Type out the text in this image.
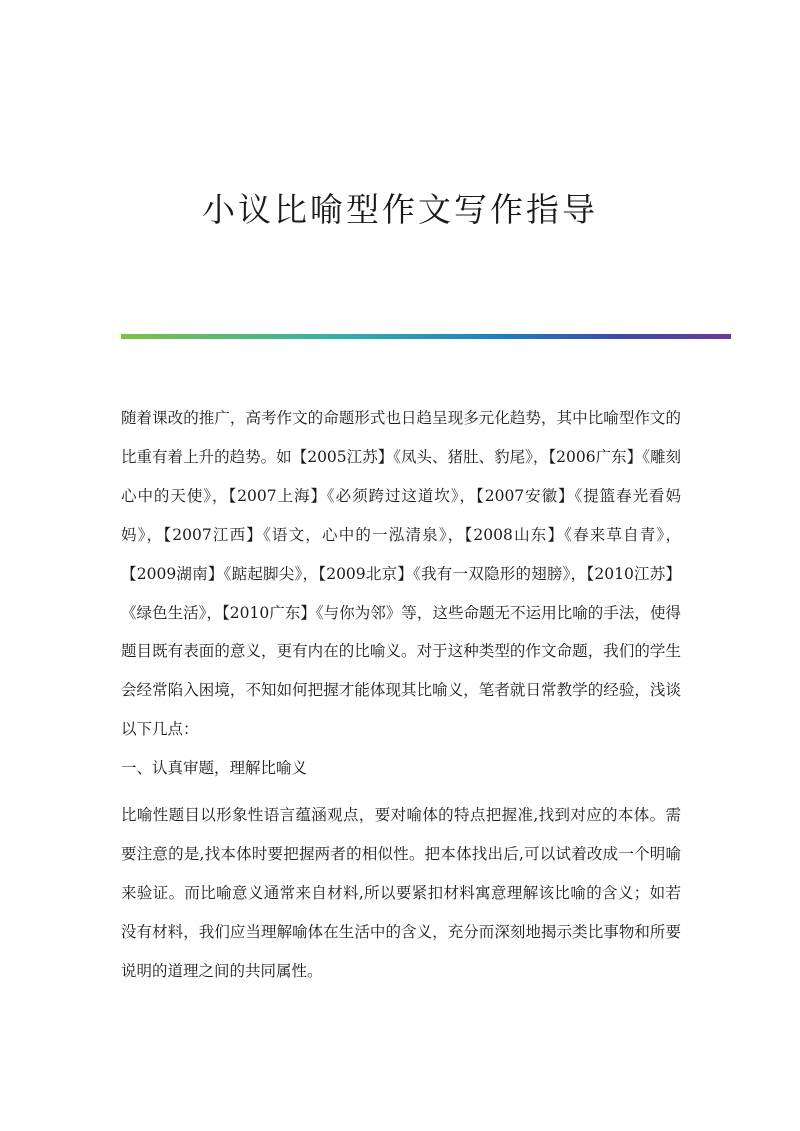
小议比喻型作文写作指导

随着课改的推广，高考作文的命题形式也日趋呈现多元化趋势，其中比喻型作文的比重有着上升的趋势。如【2005江苏】《凤头、猪肚、豹尾》，【2006广东】《雕刻心中的天使》，【2007上海】《必须跨过这道坎》，【2007安徽】《提篮春光看妈妈》，【2007江西】《语文，心中的一泓清泉》，【2008山东】《春来草自青》，【2009湖南】《踮起脚尖》，【2009北京】《我有一双隐形的翅膀》，【2010江苏】《绿色生活》，【2010广东】《与你为邻》等，这些命题无不运用比喻的手法，使得题目既有表面的意义，更有内在的比喻义。对于这种类型的作文命题，我们的学生会经常陷入困境，不知如何把握才能体现其比喻义，笔者就日常教学的经验，浅谈以下几点：

一、认真审题，理解比喻义

比喻性题目以形象性语言蕴涵观点，要对喻体的特点把握准,找到对应的本体。需要注意的是,找本体时要把握两者的相似性。把本体找出后,可以试着改成一个明喻来验证。而比喻意义通常来自材料,所以要紧扣材料寓意理解该比喻的含义；如若没有材料，我们应当理解喻体在生活中的含义，充分而深刻地揭示类比事物和所要说明的道理之间的共同属性。
